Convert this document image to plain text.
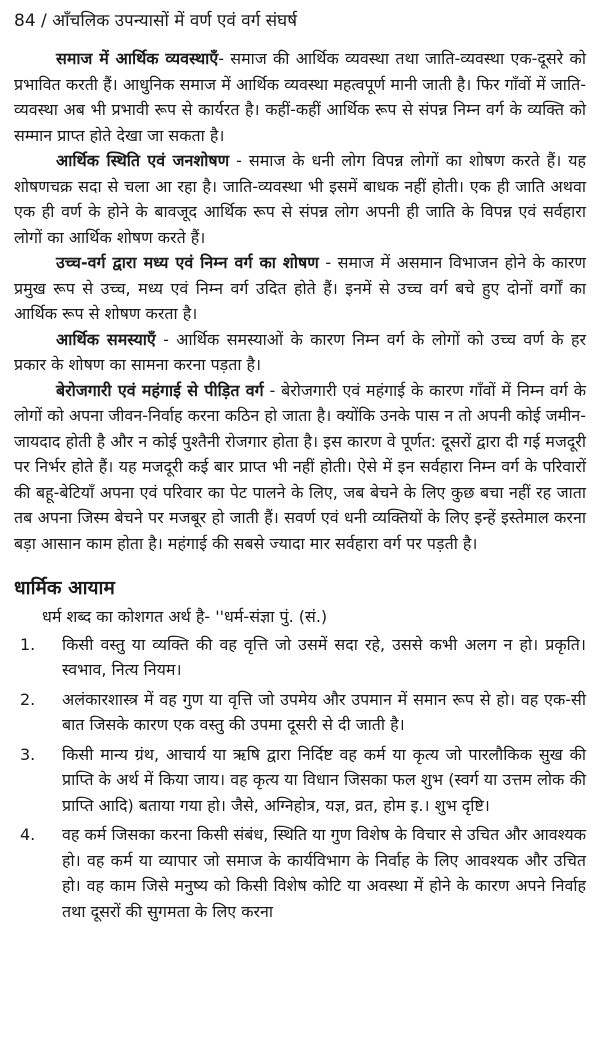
84 / आँचलिक उपन्यासों में वर्ण एवं वर्ग संघर्ष

समाज में आर्थिक व्यवस्थाएँ- समाज की आर्थिक व्यवस्था तथा जाति-व्यवस्था एक-दूसरे को प्रभावित करती हैं। आधुनिक समाज में आर्थिक व्यवस्था महत्वपूर्ण मानी जाती है। फिर गाँवों में जाति-व्यवस्था अब भी प्रभावी रूप से कार्यरत है। कहीं-कहीं आर्थिक रूप से संपन्न निम्न वर्ग के व्यक्ति को सम्मान प्राप्त होते देखा जा सकता है।

आर्थिक स्थिति एवं जनशोषण - समाज के धनी लोग विपन्न लोगों का शोषण करते हैं। यह शोषणचक्र सदा से चला आ रहा है। जाति-व्यवस्था भी इसमें बाधक नहीं होती। एक ही जाति अथवा एक ही वर्ण के होने के बावजूद आर्थिक रूप से संपन्न लोग अपनी ही जाति के विपन्न एवं सर्वहारा लोगों का आर्थिक शोषण करते हैं।

उच्च-वर्ग द्वारा मध्य एवं निम्न वर्ग का शोषण - समाज में असमान विभाजन होने के कारण प्रमुख रूप से उच्च, मध्य एवं निम्न वर्ग उदित होते हैं। इनमें से उच्च वर्ग बचे हुए दोनों वर्गों का आर्थिक रूप से शोषण करता है।

आर्थिक समस्याएँ - आर्थिक समस्याओं के कारण निम्न वर्ग के लोगों को उच्च वर्ण के हर प्रकार के शोषण का सामना करना पड़ता है।

बेरोजगारी एवं महंगाई से पीड़ित वर्ग - बेरोजगारी एवं महंगाई के कारण गाँवों में निम्न वर्ग के लोगों को अपना जीवन-निर्वाह करना कठिन हो जाता है। क्योंकि उनके पास न तो अपनी कोई जमीन-जायदाद होती है और न कोई पुश्तैनी रोजगार होता है। इस कारण वे पूर्णत: दूसरों द्वारा दी गई मजदूरी पर निर्भर होते हैं। यह मजदूरी कई बार प्राप्त भी नहीं होती। ऐसे में इन सर्वहारा निम्न वर्ग के परिवारों की बहू-बेटियाँ अपना एवं परिवार का पेट पालने के लिए, जब बेचने के लिए कुछ बचा नहीं रह जाता तब अपना जिस्म बेचने पर मजबूर हो जाती हैं। सवर्ण एवं धनी व्यक्तियों के लिए इन्हें इस्तेमाल करना बड़ा आसान काम होता है। महंगाई की सबसे ज्यादा मार सर्वहारा वर्ग पर पड़ती है।

धार्मिक आयाम

धर्म शब्द का कोशगत अर्थ है- ''धर्म-संज्ञा पुं. (सं.)

1.	किसी वस्तु या व्यक्ति की वह वृत्ति जो उसमें सदा रहे, उससे कभी अलग न हो। प्रकृति। स्वभाव, नित्य नियम।
2.	अलंकारशास्त्र में वह गुण या वृत्ति जो उपमेय और उपमान में समान रूप से हो। वह एक-सी बात जिसके कारण एक वस्तु की उपमा दूसरी से दी जाती है।
3.	किसी मान्य ग्रंथ, आचार्य या ऋषि द्वारा निर्दिष्ट वह कर्म या कृत्य जो पारलौकिक सुख की प्राप्ति के अर्थ में किया जाय। वह कृत्य या विधान जिसका फल शुभ (स्वर्ग या उत्तम लोक की प्राप्ति आदि) बताया गया हो। जैसे, अग्निहोत्र, यज्ञ, व्रत, होम इ.। शुभ दृष्टि।
4.	वह कर्म जिसका करना किसी संबंध, स्थिति या गुण विशेष के विचार से उचित और आवश्यक हो। वह कर्म या व्यापार जो समाज के कार्यविभाग के निर्वाह के लिए आवश्यक और उचित हो। वह काम जिसे मनुष्य को किसी विशेष कोटि या अवस्था में होने के कारण अपने निर्वाह तथा दूसरों की सुगमता के लिए करना
